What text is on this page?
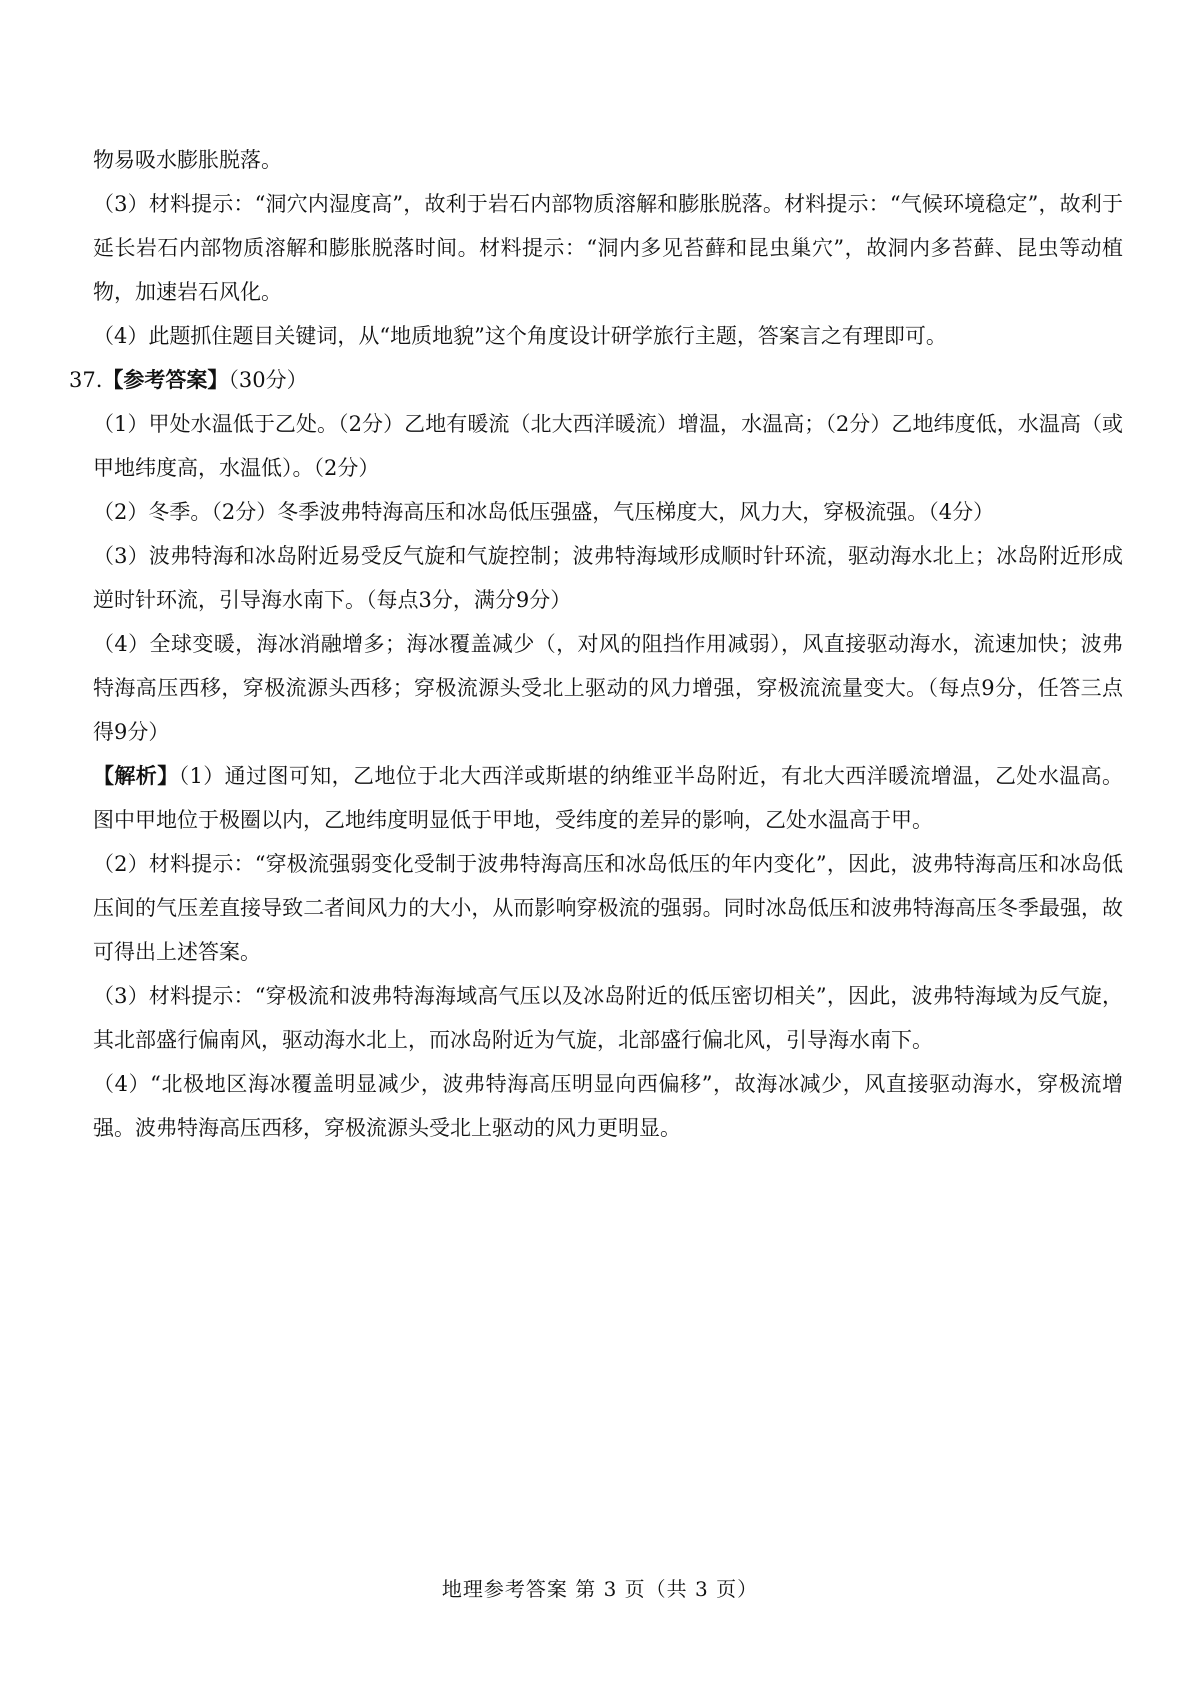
物易吸水膨胀脱落。

（3）材料提示：“洞穴内湿度高”，故利于岩石内部物质溶解和膨胀脱落。材料提示：“气候环境稳定”，故利于延长岩石内部物质溶解和膨胀脱落时间。材料提示：“洞内多见苔藓和昆虫巢穴”，故洞内多苔藓、昆虫等动植物，加速岩石风化。

（4）此题抓住题目关键词，从“地质地貌”这个角度设计研学旅行主题，答案言之有理即可。

37.【参考答案】（30分）

（1）甲处水温低于乙处。（2分）乙地有暖流（北大西洋暖流）增温，水温高；（2分）乙地纬度低，水温高（或甲地纬度高，水温低）。（2分）

（2）冬季。（2分）冬季波弗特海高压和冰岛低压强盛，气压梯度大，风力大，穿极流强。（4分）

（3）波弗特海和冰岛附近易受反气旋和气旋控制；波弗特海域形成顺时针环流，驱动海水北上；冰岛附近形成逆时针环流，引导海水南下。（每点3分，满分9分）

（4）全球变暖，海冰消融增多；海冰覆盖减少（，对风的阻挡作用减弱），风直接驱动海水，流速加快；波弗特海高压西移，穿极流源头西移；穿极流源头受北上驱动的风力增强，穿极流流量变大。（每点9分，任答三点得9分）

【解析】（1）通过图可知，乙地位于北大西洋或斯堪的纳维亚半岛附近，有北大西洋暖流增温，乙处水温高。图中甲地位于极圈以内，乙地纬度明显低于甲地，受纬度的差异的影响，乙处水温高于甲。

（2）材料提示：“穿极流强弱变化受制于波弗特海高压和冰岛低压的年内变化”，因此，波弗特海高压和冰岛低压间的气压差直接导致二者间风力的大小，从而影响穿极流的强弱。同时冰岛低压和波弗特海高压冬季最强，故可得出上述答案。

（3）材料提示：“穿极流和波弗特海海域高气压以及冰岛附近的低压密切相关”，因此，波弗特海域为反气旋，其北部盛行偏南风，驱动海水北上，而冰岛附近为气旋，北部盛行偏北风，引导海水南下。

（4）“北极地区海冰覆盖明显减少，波弗特海高压明显向西偏移”，故海冰减少，风直接驱动海水，穿极流增强。波弗特海高压西移，穿极流源头受北上驱动的风力更明显。

地理参考答案 第 3 页（共 3 页）
